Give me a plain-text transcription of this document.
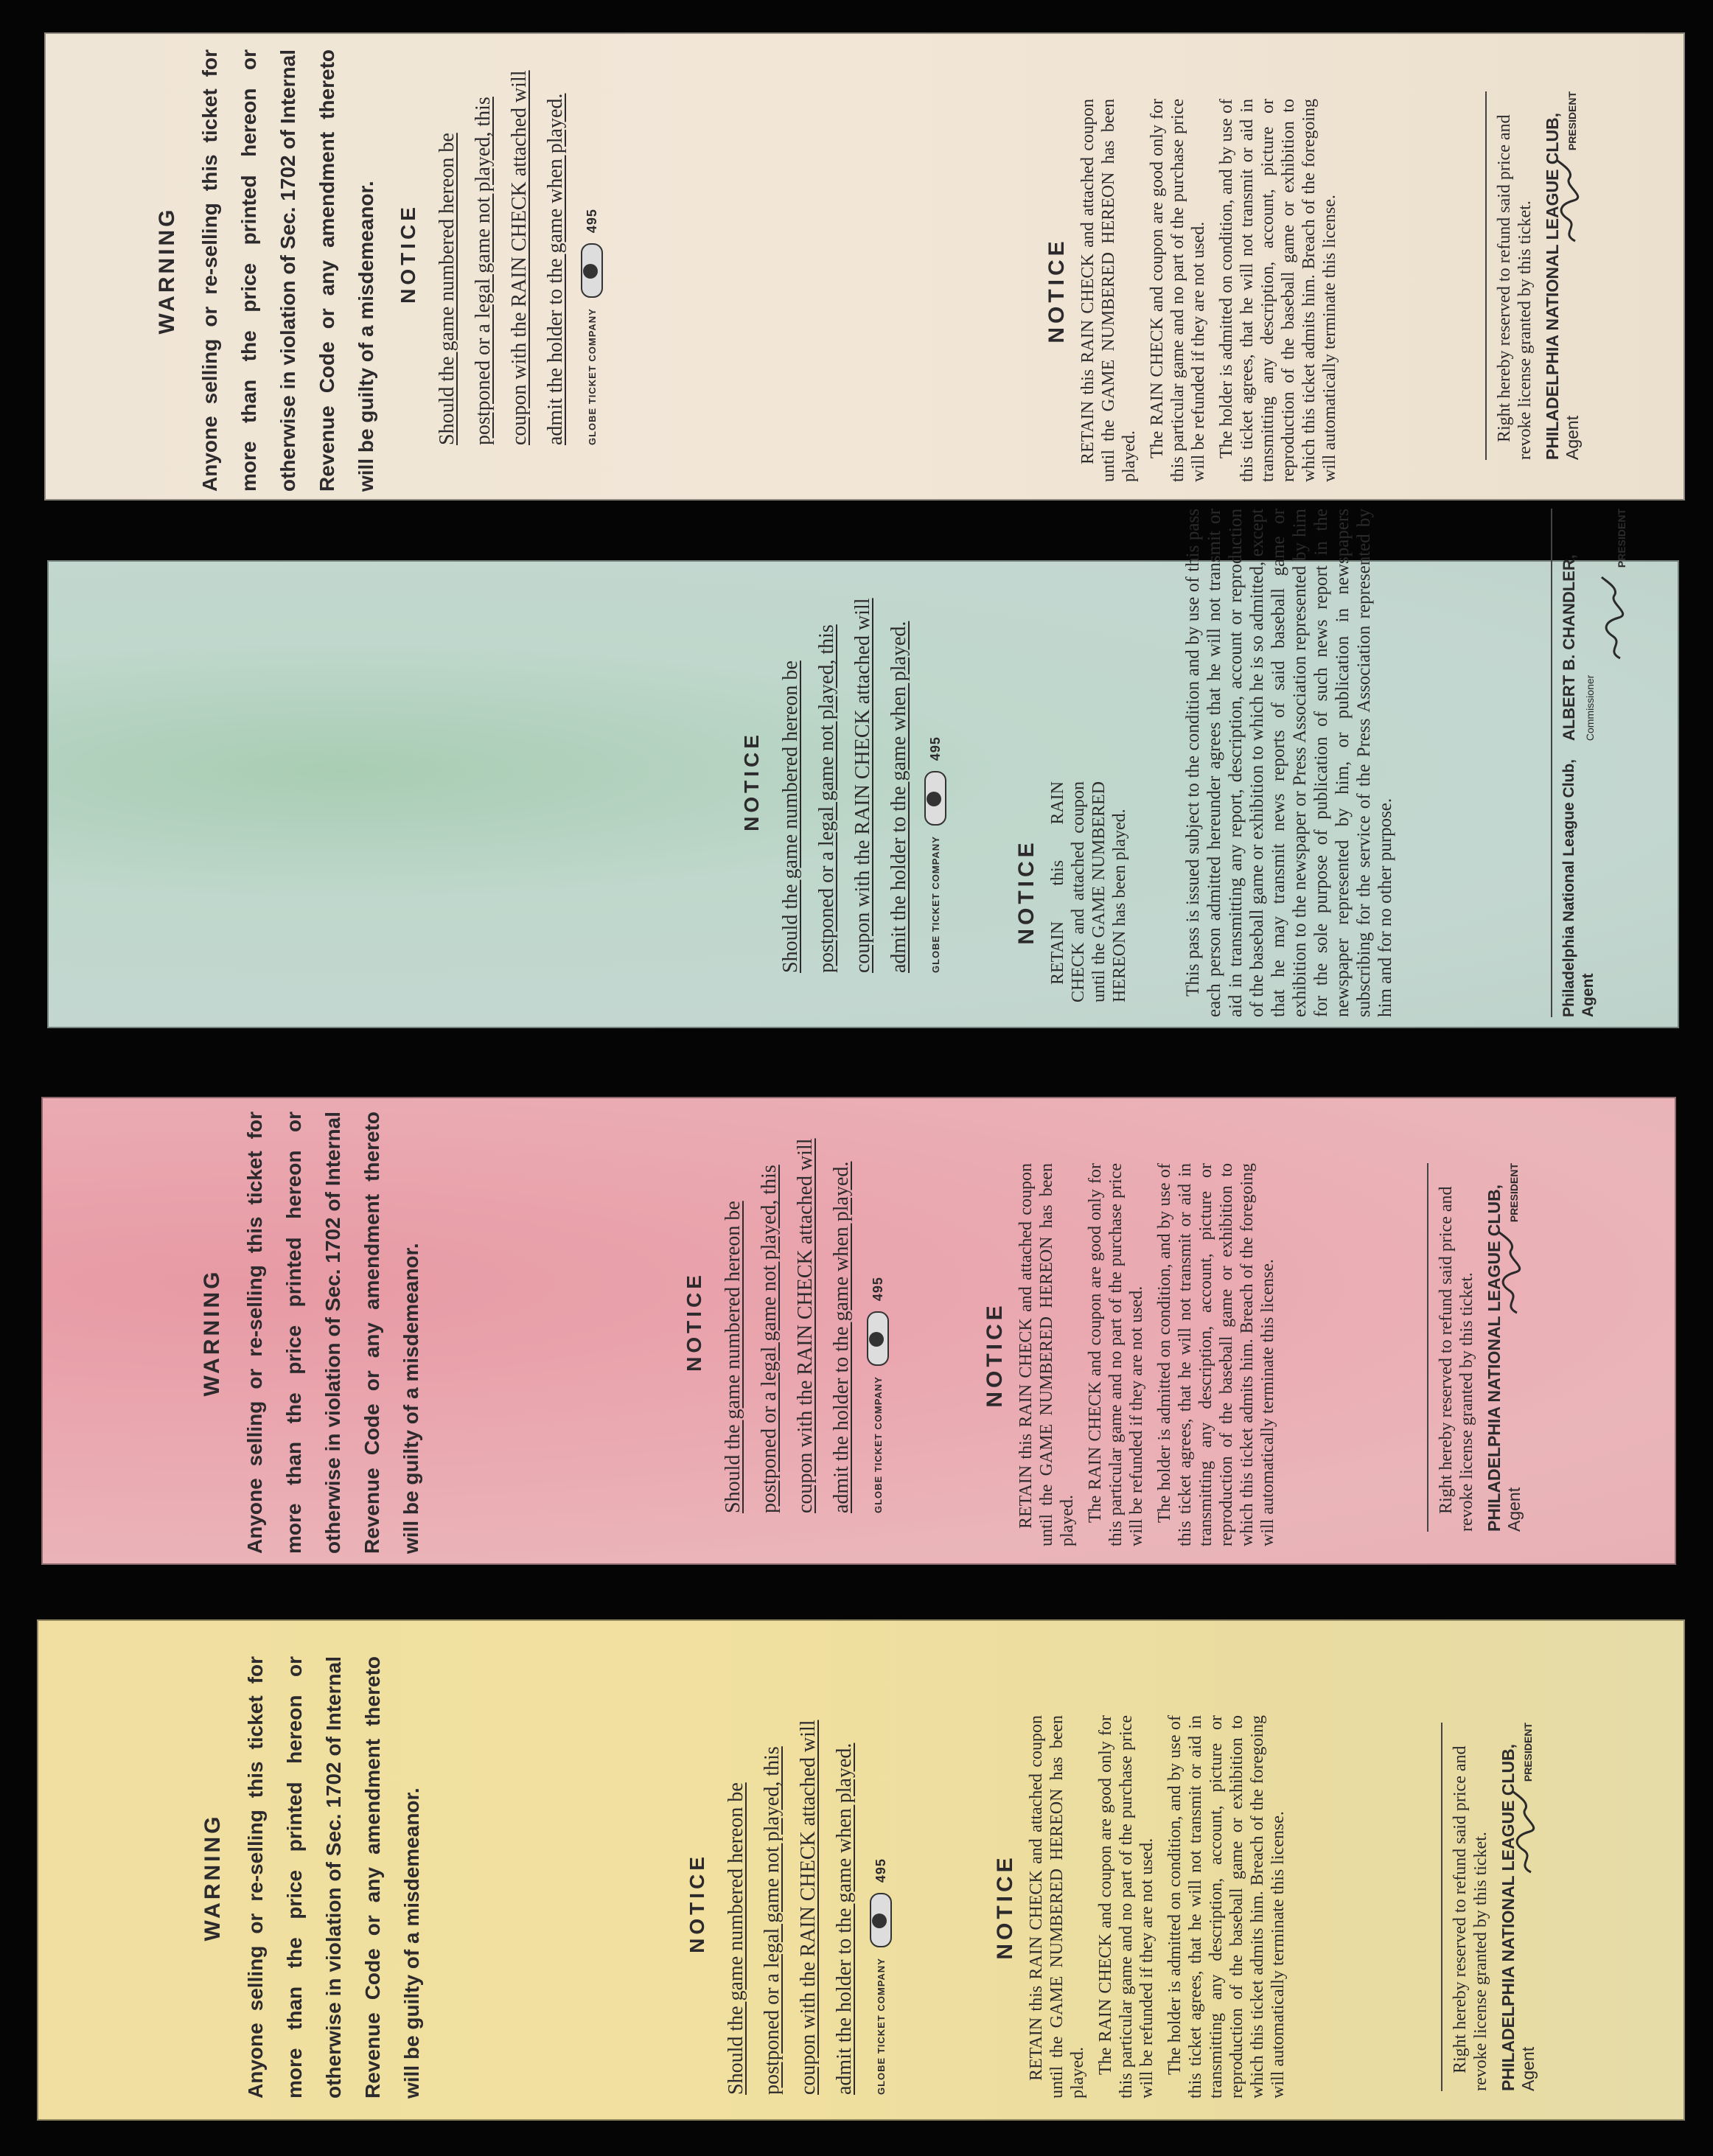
WARNING Anyone selling or re-selling this ticket for more than the price printed hereon or otherwise in violation of Sec. 1702 of Internal Revenue Code or any amendment thereto will be guilty of a misdemeanor. NOTICE Should the game numbered hereon be postponed or a legal game not played, this coupon with the RAIN CHECK attached will admit the holder to the game when played.	GLOBE TICKET COMPANY
495
NOTICE RETAIN this RAIN CHECK and attached coupon until the GAME NUMBERED HEREON has been played. The RAIN CHECK and coupon are good only for this particular game and no part of the purchase price will be refunded if they are not used. The holder is admitted on condition, and by use of this ticket agrees, that he will not transmit or aid in transmitting any description, account, picture or reproduction of the baseball game or exhibition to which this ticket admits him. Breach of the foregoing will automatically terminate this license.	Right hereby reserved to refund said price and revoke license granted by this ticket. PHILADELPHIA NATIONAL LEAGUE CLUB, Agent
PRESIDENT
NOTICE Should the game numbered hereon be postponed or a legal game not played, this coupon with the RAIN CHECK attached will admit the holder to the game when played.	GLOBE TICKET COMPANY
495
NOTICE RETAIN this RAIN CHECK and attached coupon until the GAME NUMBERED HEREON has been played.	This pass is issued subject to the condition and by use of this pass each person admitted hereunder agrees that he will not transmit or aid in transmitting any report, description, account or reproduction of the baseball game or exhibition to which he is so admitted, except that he may transmit news reports of said baseball game or exhibition to the newspaper or Press Association represented by him for the sole purpose of publication of such news report in the newspaper represented by him, or publication in newspapers subscribing for the service of the Press Association represented by him and for no other purpose.	Philadelphia National League Club, Agent
ALBERT B. CHANDLER, Commissioner
PRESIDENT
WARNING Anyone selling or re-selling this ticket for more than the price printed hereon or otherwise in violation of Sec. 1702 of Internal Revenue Code or any amendment thereto will be guilty of a misdemeanor.	NOTICE Should the game numbered hereon be postponed or a legal game not played, this coupon with the RAIN CHECK attached will admit the holder to the game when played.	GLOBE TICKET COMPANY
495
NOTICE RETAIN this RAIN CHECK and attached coupon until the GAME NUMBERED HEREON has been played. The RAIN CHECK and coupon are good only for this particular game and no part of the purchase price will be refunded if they are not used. The holder is admitted on condition, and by use of this ticket agrees, that he will not transmit or aid in transmitting any description, account, picture or reproduction of the baseball game or exhibition to which this ticket admits him. Breach of the foregoing will automatically terminate this license.	Right hereby reserved to refund said price and revoke license granted by this ticket. PHILADELPHIA NATIONAL LEAGUE CLUB, Agent
PRESIDENT
WARNING Anyone selling or re-selling this ticket for more than the price printed hereon or otherwise in violation of Sec. 1702 of Internal Revenue Code or any amendment thereto will be guilty of a misdemeanor.	NOTICE Should the game numbered hereon be postponed or a legal game not played, this coupon with the RAIN CHECK attached will admit the holder to the game when played.	GLOBE TICKET COMPANY
495	NOTICE RETAIN this RAIN CHECK and attached coupon until the GAME NUMBERED HEREON has been played. The RAIN CHECK and coupon are good only for this particular game and no part of the purchase price will be refunded if they are not used. The holder is admitted on condition, and by use of this ticket agrees, that he will not transmit or aid in transmitting any description, account, picture or reproduction of the baseball game or exhibition to which this ticket admits him. Breach of the foregoing will automatically terminate this license.	Right hereby reserved to refund said price and revoke license granted by this ticket. PHILADELPHIA NATIONAL LEAGUE CLUB, Agent
PRESIDENT
